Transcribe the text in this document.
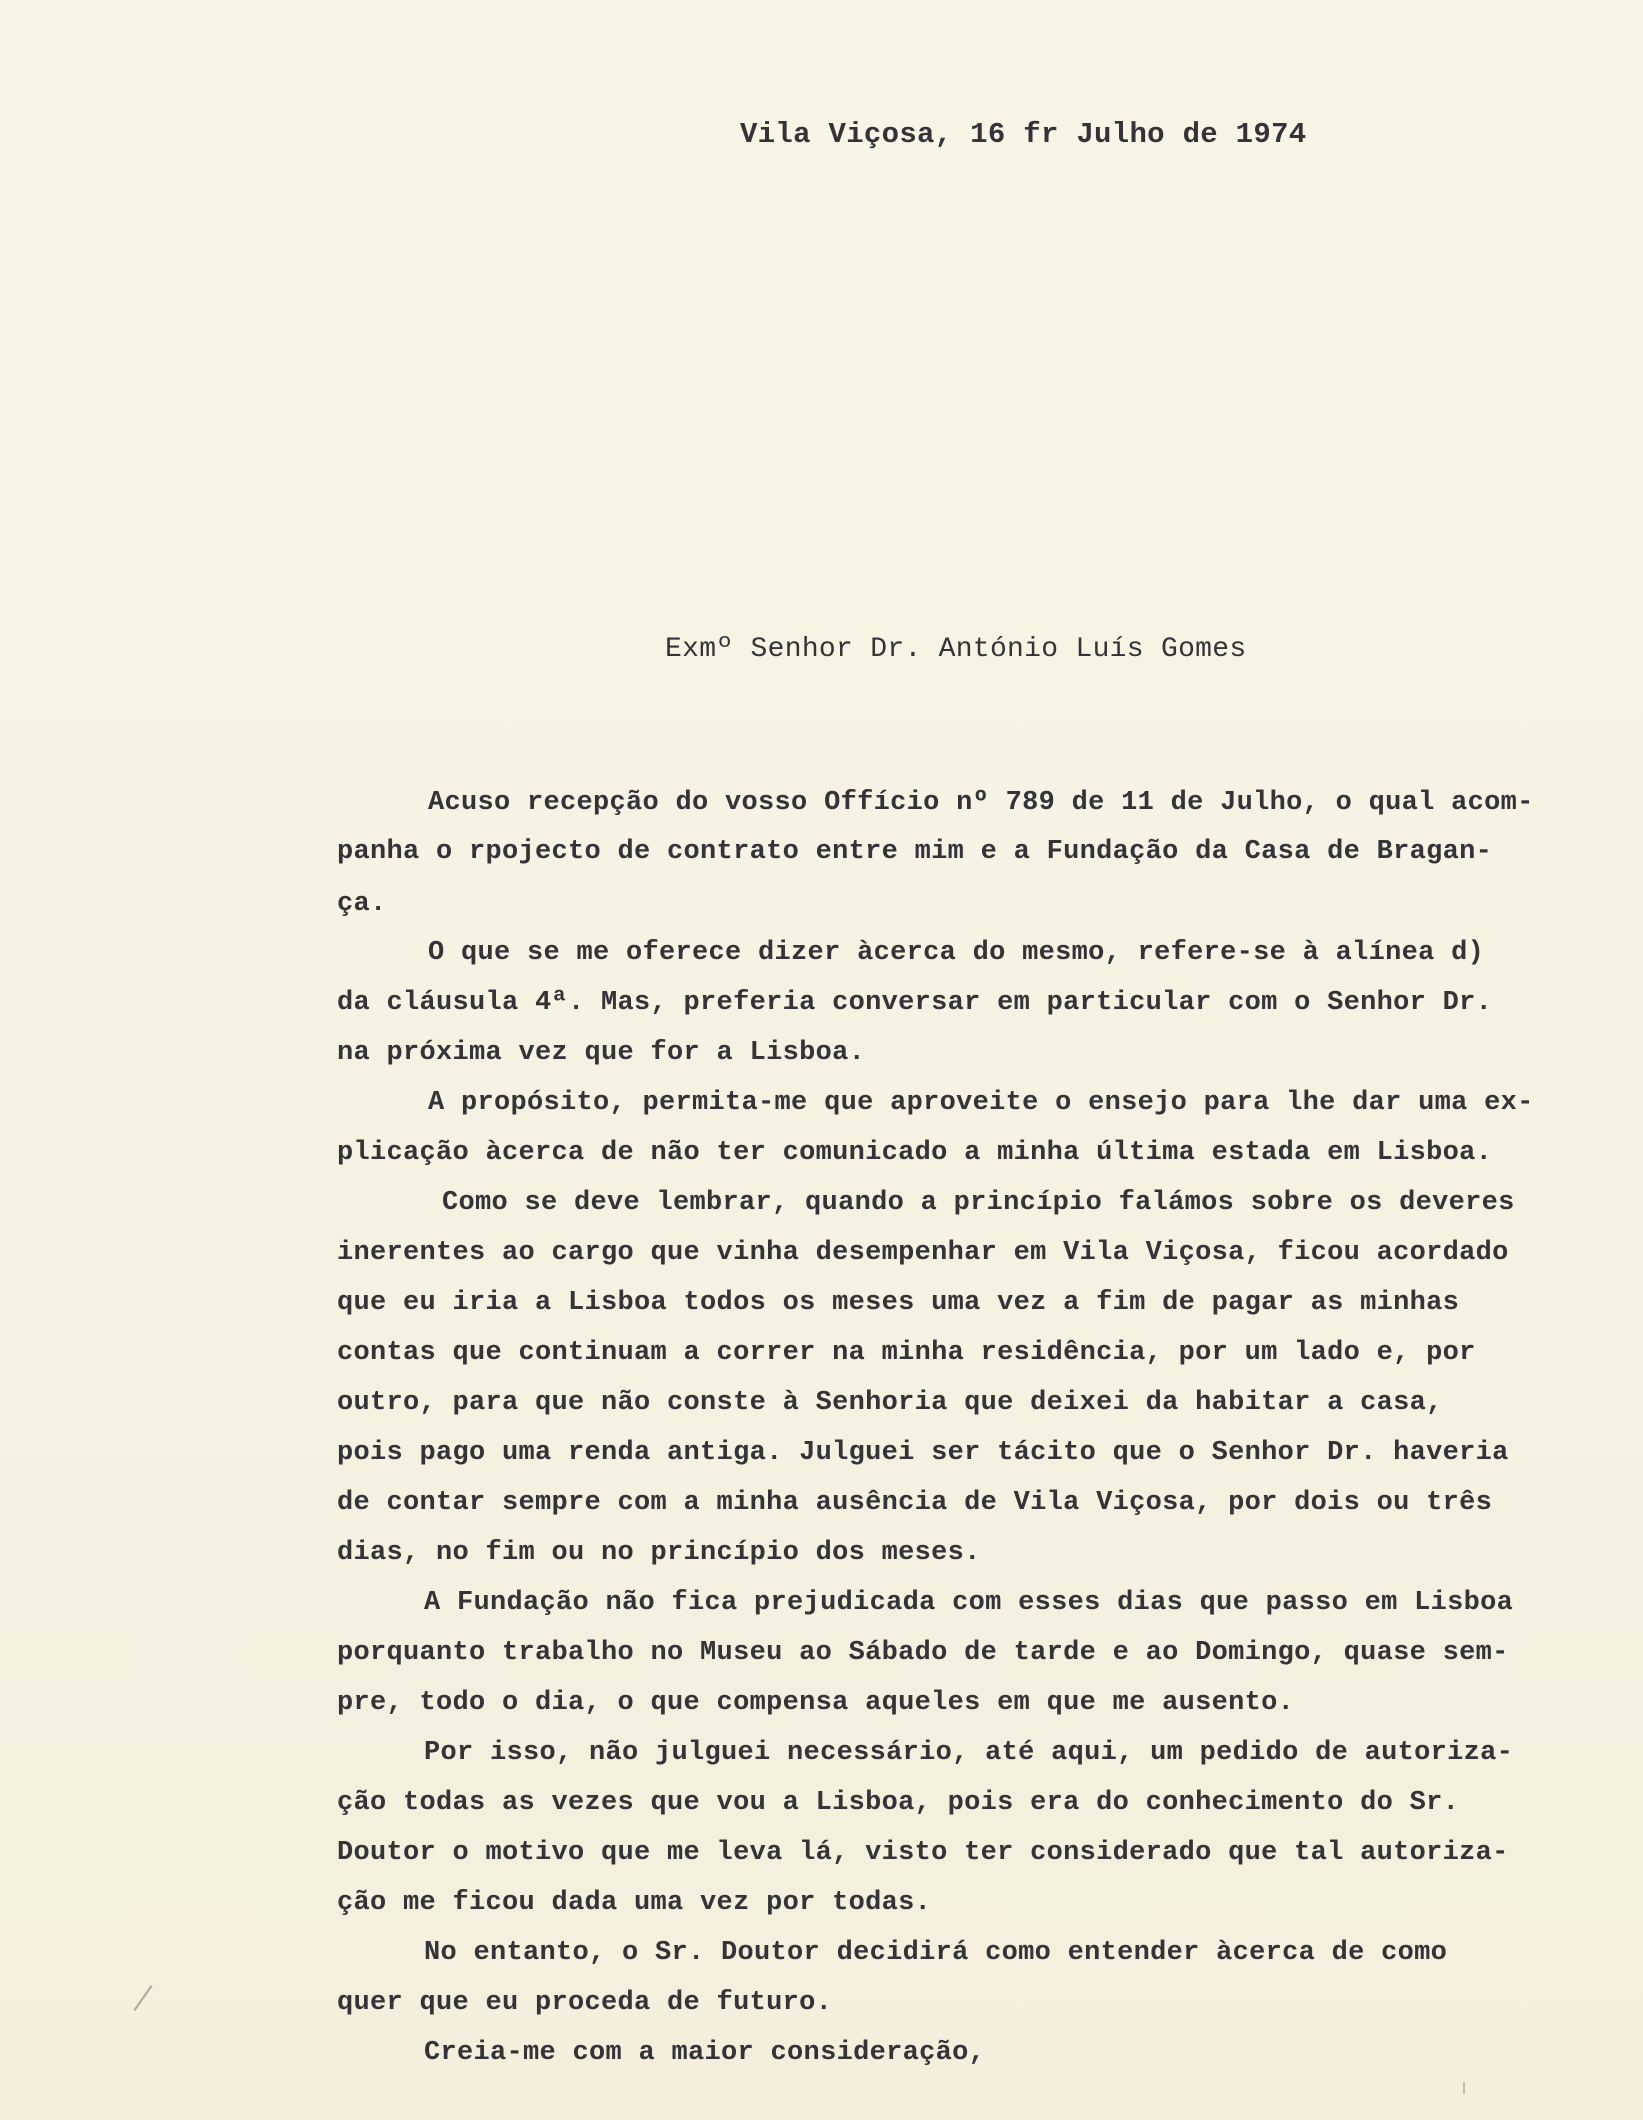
Vila Viçosa, 16 fr Julho de 1974
Exmº Senhor Dr. António Luís Gomes
Acuso recepção do vosso Offício nº 789 de 11 de Julho, o qual acom-
panha o rpojecto de contrato entre mim e a Fundação da Casa de Bragan-
ça.
O que se me oferece dizer àcerca do mesmo, refere-se à alínea d)
da cláusula 4ª. Mas, preferia conversar em particular com o Senhor Dr.
na próxima vez que for a Lisboa.
A propósito, permita-me que aproveite o ensejo para lhe dar uma ex-
plicação àcerca de não ter comunicado a minha última estada em Lisboa.
Como se deve lembrar, quando a princípio falámos sobre os deveres
inerentes ao cargo que vinha desempenhar em Vila Viçosa, ficou acordado
que eu iria a Lisboa todos os meses uma vez a fim de pagar as minhas
contas que continuam a correr na minha residência, por um lado e, por
outro, para que não conste à Senhoria que deixei da habitar a casa,
pois pago uma renda antiga. Julguei ser tácito que o Senhor Dr. haveria
de contar sempre com a minha ausência de Vila Viçosa, por dois ou três
dias, no fim ou no princípio dos meses.
A Fundação não fica prejudicada com esses dias que passo em Lisboa
porquanto trabalho no Museu ao Sábado de tarde e ao Domingo, quase sem-
pre, todo o dia, o que compensa aqueles em que me ausento.
Por isso, não julguei necessário, até aqui, um pedido de autoriza-
ção todas as vezes que vou a Lisboa, pois era do conhecimento do Sr.
Doutor o motivo que me leva lá, visto ter considerado que tal autoriza-
ção me ficou dada uma vez por todas.
No entanto, o Sr. Doutor decidirá como entender àcerca de como
quer que eu proceda de futuro.
Creia-me com a maior consideração,
